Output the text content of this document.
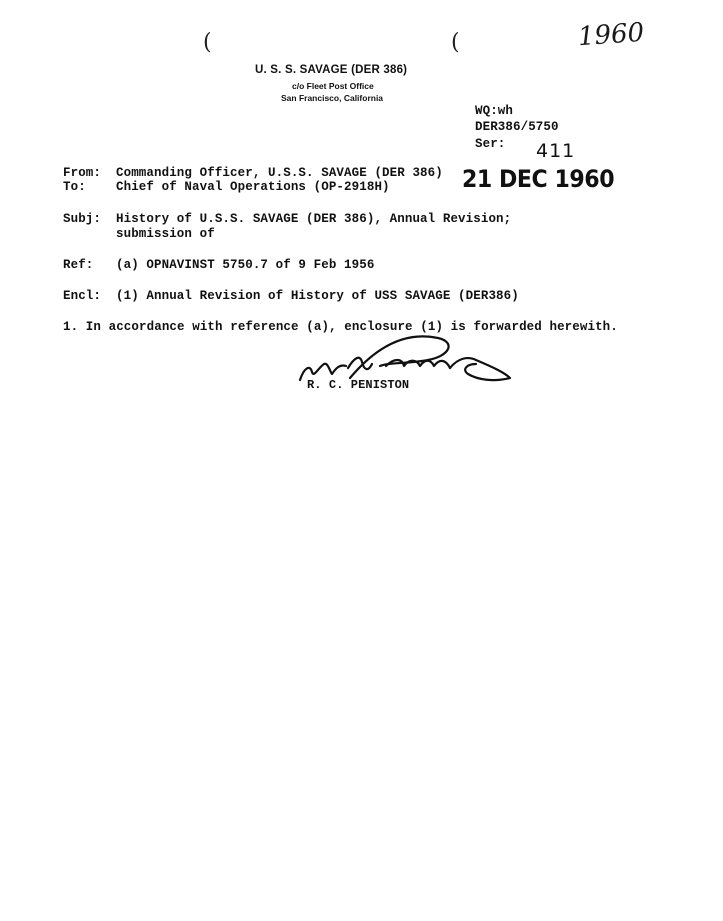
1960
(	(
U. S. S. SAVAGE (DER 386)
c/o Fleet Post Office
San Francisco, California
WQ:wh
DER386/5750
Ser: 411
21 DEC 1960
From: Commanding Officer, U.S.S. SAVAGE (DER 386)
To: Chief of Naval Operations (OP-2918H)
Subj: History of U.S.S. SAVAGE (DER 386), Annual Revision;
submission of
Ref: (a) OPNAVINST 5750.7 of 9 Feb 1956
Encl: (1) Annual Revision of History of USS SAVAGE (DER386)
1. In accordance with reference (a), enclosure (1) is forwarded herewith.
R. C. PENISTON
